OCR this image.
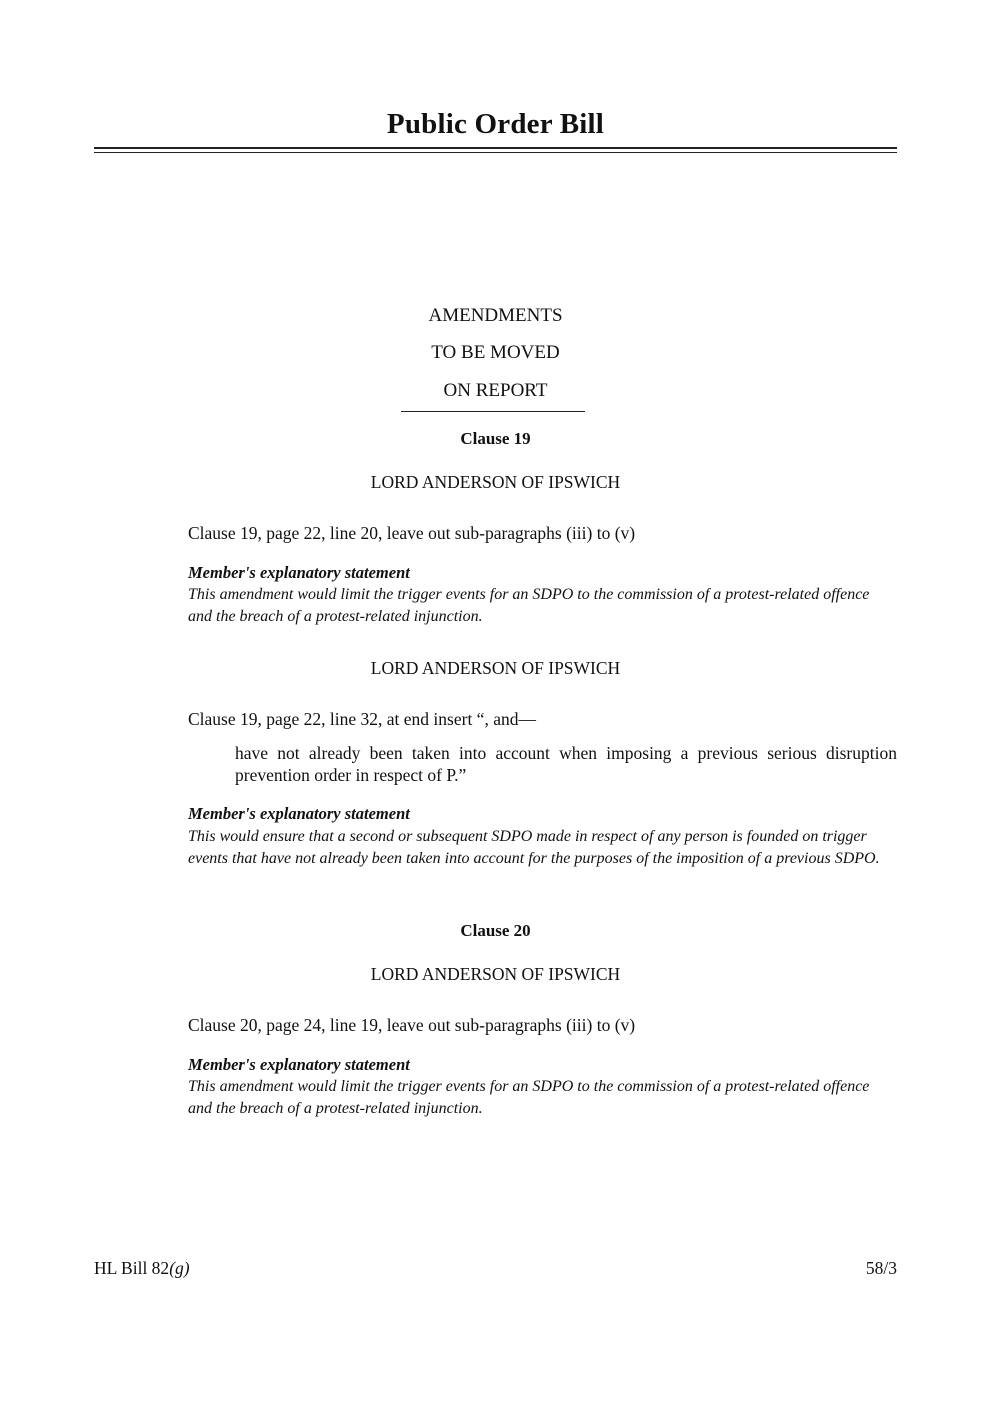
Public Order Bill
AMENDMENTS
TO BE MOVED
ON REPORT
Clause 19
LORD ANDERSON OF IPSWICH
Clause 19, page 22, line 20, leave out sub-paragraphs (iii) to (v)
Member's explanatory statement
This amendment would limit the trigger events for an SDPO to the commission of a protest-related offence and the breach of a protest-related injunction.
LORD ANDERSON OF IPSWICH
Clause 19, page 22, line 32, at end insert “, and—
have not already been taken into account when imposing a previous serious disruption prevention order in respect of P.”
Member's explanatory statement
This would ensure that a second or subsequent SDPO made in respect of any person is founded on trigger events that have not already been taken into account for the purposes of the imposition of a previous SDPO.
Clause 20
LORD ANDERSON OF IPSWICH
Clause 20, page 24, line 19, leave out sub-paragraphs (iii) to (v)
Member's explanatory statement
This amendment would limit the trigger events for an SDPO to the commission of a protest-related offence and the breach of a protest-related injunction.
HL Bill 82(g)	58/3
